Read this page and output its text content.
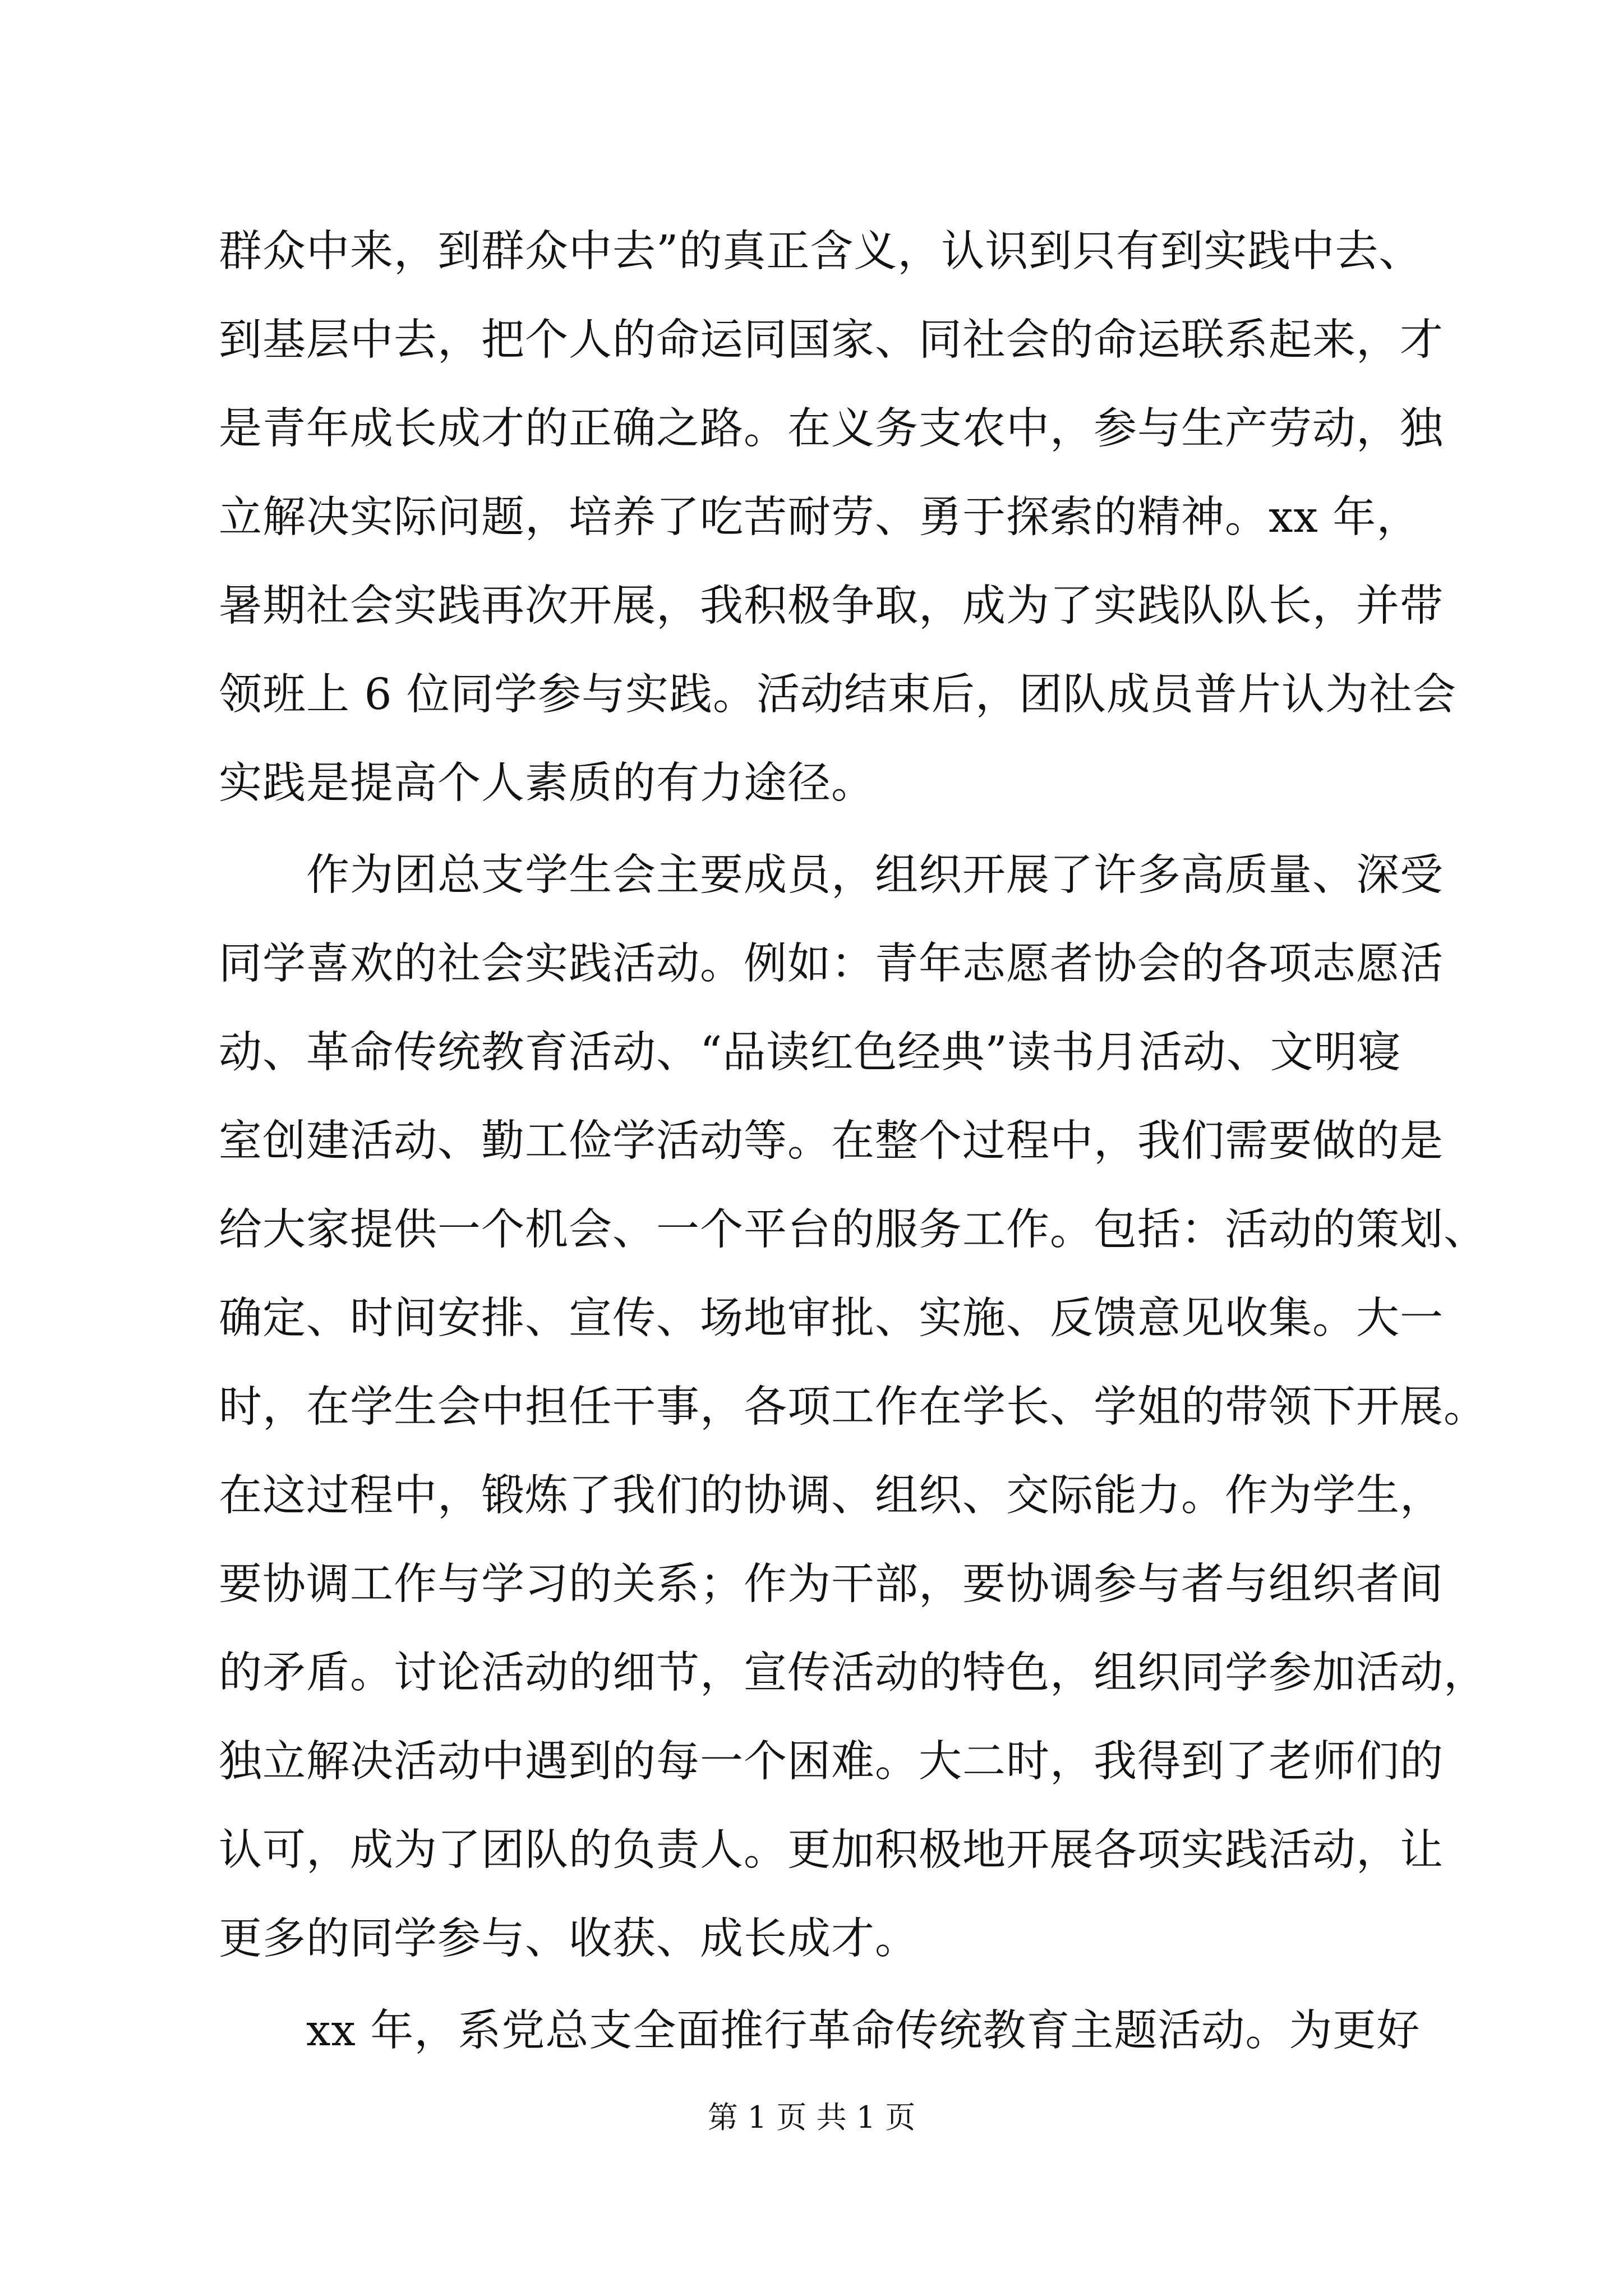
群众中来，到群众中去”的真正含义，认识到只有到实践中去、
到基层中去，把个人的命运同国家、同社会的命运联系起来，才
是青年成长成才的正确之路。在义务支农中，参与生产劳动，独
立解决实际问题，培养了吃苦耐劳、勇于探索的精神。xx 年，
暑期社会实践再次开展，我积极争取，成为了实践队队长，并带
领班上 6 位同学参与实践。活动结束后，团队成员普片认为社会
实践是提高个人素质的有力途径。
作为团总支学生会主要成员，组织开展了许多高质量、深受
同学喜欢的社会实践活动。例如：青年志愿者协会的各项志愿活
动、革命传统教育活动、“品读红色经典”读书月活动、文明寝
室创建活动、勤工俭学活动等。在整个过程中，我们需要做的是
给大家提供一个机会、一个平台的服务工作。包括：活动的策划、
确定、时间安排、宣传、场地审批、实施、反馈意见收集。大一
时，在学生会中担任干事，各项工作在学长、学姐的带领下开展。
在这过程中，锻炼了我们的协调、组织、交际能力。作为学生，
要协调工作与学习的关系；作为干部，要协调参与者与组织者间
的矛盾。讨论活动的细节，宣传活动的特色，组织同学参加活动，
独立解决活动中遇到的每一个困难。大二时，我得到了老师们的
认可，成为了团队的负责人。更加积极地开展各项实践活动，让
更多的同学参与、收获、成长成才。
xx 年，系党总支全面推行革命传统教育主题活动。为更好
第 1 页 共 1 页
